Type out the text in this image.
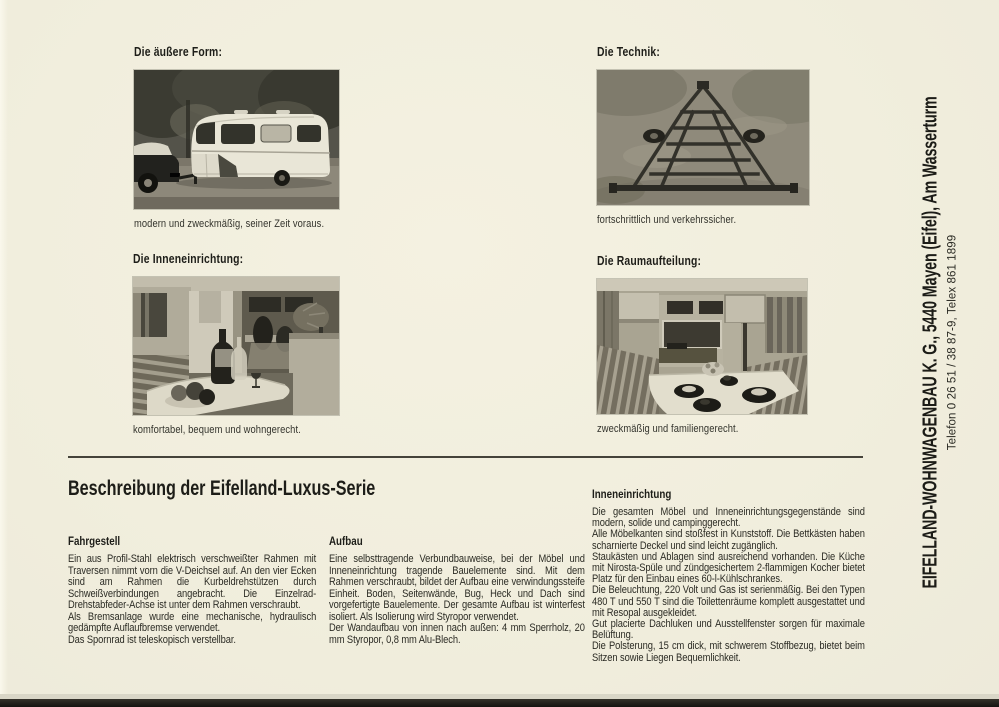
Die äußere Form:
modern und zweckmäßig, seiner Zeit voraus.
Die Technik:
fortschrittlich und verkehrssicher.
Die Inneneinrichtung:
komfortabel, bequem und wohngerecht.
Die Raumaufteilung:
zweckmäßig und familiengerecht.	EIFELLAND-WOHNWAGENBAU K. G., 5440 Mayen (Eifel), Am Wasserturm Telefon 0 26 51 / 38 87-9, Telex 861 1899
Beschreibung der Eifelland-Luxus-Serie
Fahrgestell

Ein aus Profil-Stahl elektrisch verschweißter Rahmen mit Traversen nimmt vorn die V-Deichsel auf. An den vier Ecken sind am Rahmen die Kurbeldrehstützen durch Schweißverbindungen angebracht. Die Einzelrad-Drehstabfeder-Achse ist unter dem Rahmen verschraubt.

Als Bremsanlage wurde eine mechanische, hydraulisch gedämpfte Auflaufbremse verwendet.

Das Spornrad ist teleskopisch verstellbar.

Aufbau

Eine selbsttragende Verbundbauweise, bei der Möbel und Inneneinrichtung tragende Bauelemente sind. Mit dem Rahmen verschraubt, bildet der Aufbau eine verwindungssteife Einheit. Boden, Seitenwände, Bug, Heck und Dach sind vorgefertigte Bauelemente. Der gesamte Aufbau ist winterfest isoliert. Als Isolierung wird Styropor verwendet.

Der Wandaufbau von innen nach außen: 4 mm Sperrholz, 20 mm Styropor, 0,8 mm Alu-Blech.

Inneneinrichtung

Die gesamten Möbel und Inneneinrichtungsgegenstände sind modern, solide und campinggerecht.

Alle Möbelkanten sind stoßfest in Kunststoff. Die Bettkästen haben scharnierte Deckel und sind leicht zugänglich.

Staukästen und Ablagen sind ausreichend vorhanden. Die Küche mit Nirosta-Spüle und zündgesichertem 2-flammigen Kocher bietet Platz für den Einbau eines 60-l-Kühlschrankes.

Die Beleuchtung, 220 Volt und Gas ist serienmäßig. Bei den Typen 480 T und 550 T sind die Toilettenräume komplett ausgestattet und mit Resopal ausgekleidet.

Gut placierte Dachluken und Ausstellfenster sorgen für maximale Belüftung.

Die Polsterung, 15 cm dick, mit schwerem Stoffbezug, bietet beim Sitzen sowie Liegen Bequemlichkeit.
